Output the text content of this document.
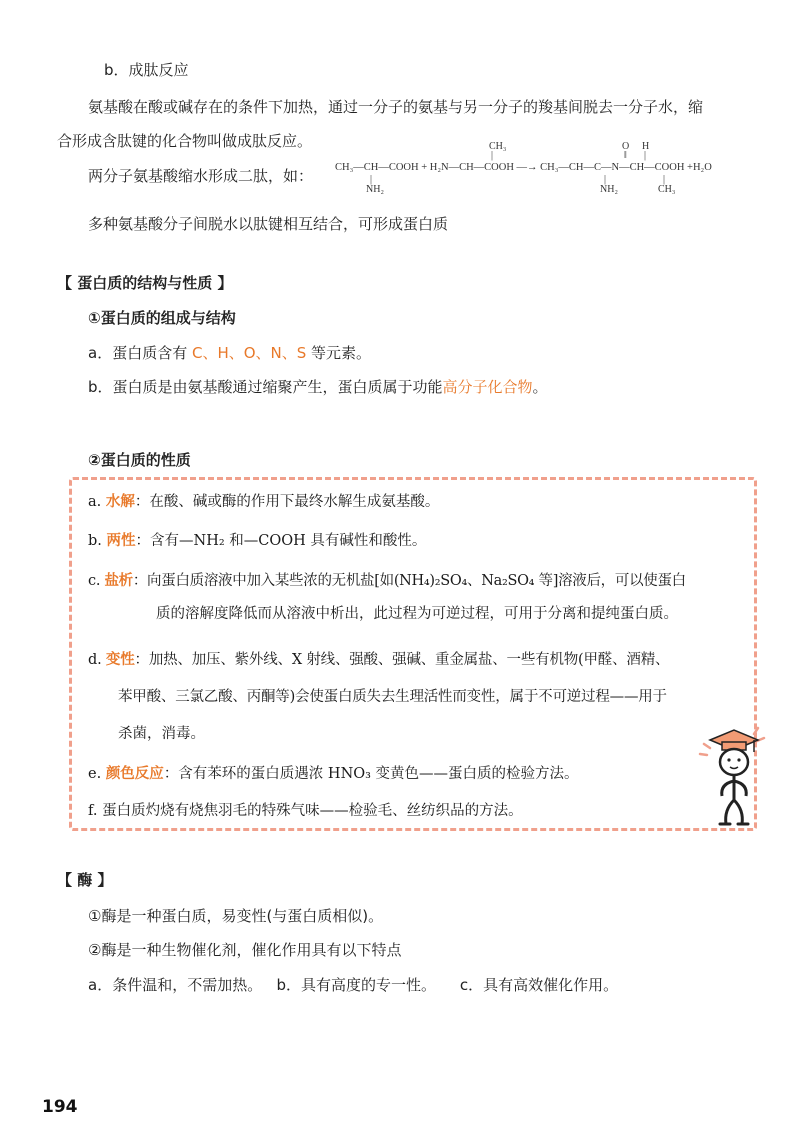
b．成肽反应
氨基酸在酸或碱存在的条件下加热，通过一分子的氨基与另一分子的羧基间脱去一分子水，缩
合形成含肽键的化合物叫做成肽反应。
两分子氨基酸缩水形成二肽，如：
CH₃
|
O H
‖ |
CH₃—CH—COOH + H₂N—CH—COOH —→ CH₃—CH—C—N—CH—COOH +H₂O
|
NH₂
|
NH₂
|
CH₃
多种氨基酸分子间脱水以肽键相互结合，可形成蛋白质
【 蛋白质的结构与性质 】
①蛋白质的组成与结构
a．蛋白质含有 C、H、O、N、S 等元素。
b．蛋白质是由氨基酸通过缩聚产生，蛋白质属于功能高分子化合物。
②蛋白质的性质
a. 水解：在酸、碱或酶的作用下最终水解生成氨基酸。
b. 两性：含有—NH₂ 和—COOH 具有碱性和酸性。
c. 盐析：向蛋白质溶液中加入某些浓的无机盐[如(NH₄)₂SO₄、Na₂SO₄ 等]溶液后，可以使蛋白
质的溶解度降低而从溶液中析出，此过程为可逆过程，可用于分离和提纯蛋白质。
d. 变性：加热、加压、紫外线、X 射线、强酸、强碱、重金属盐、一些有机物(甲醛、酒精、
苯甲酸、三氯乙酸、丙酮等)会使蛋白质失去生理活性而变性，属于不可逆过程——用于
杀菌，消毒。
e. 颜色反应：含有苯环的蛋白质遇浓 HNO₃ 变黄色——蛋白质的检验方法。
f. 蛋白质灼烧有烧焦羽毛的特殊气味——检验毛、丝纺织品的方法。
【 酶 】
①酶是一种蛋白质，易变性(与蛋白质相似)。
②酶是一种生物催化剂，催化作用具有以下特点
a．条件温和，不需加热。   b．具有高度的专一性。     c．具有高效催化作用。
194
